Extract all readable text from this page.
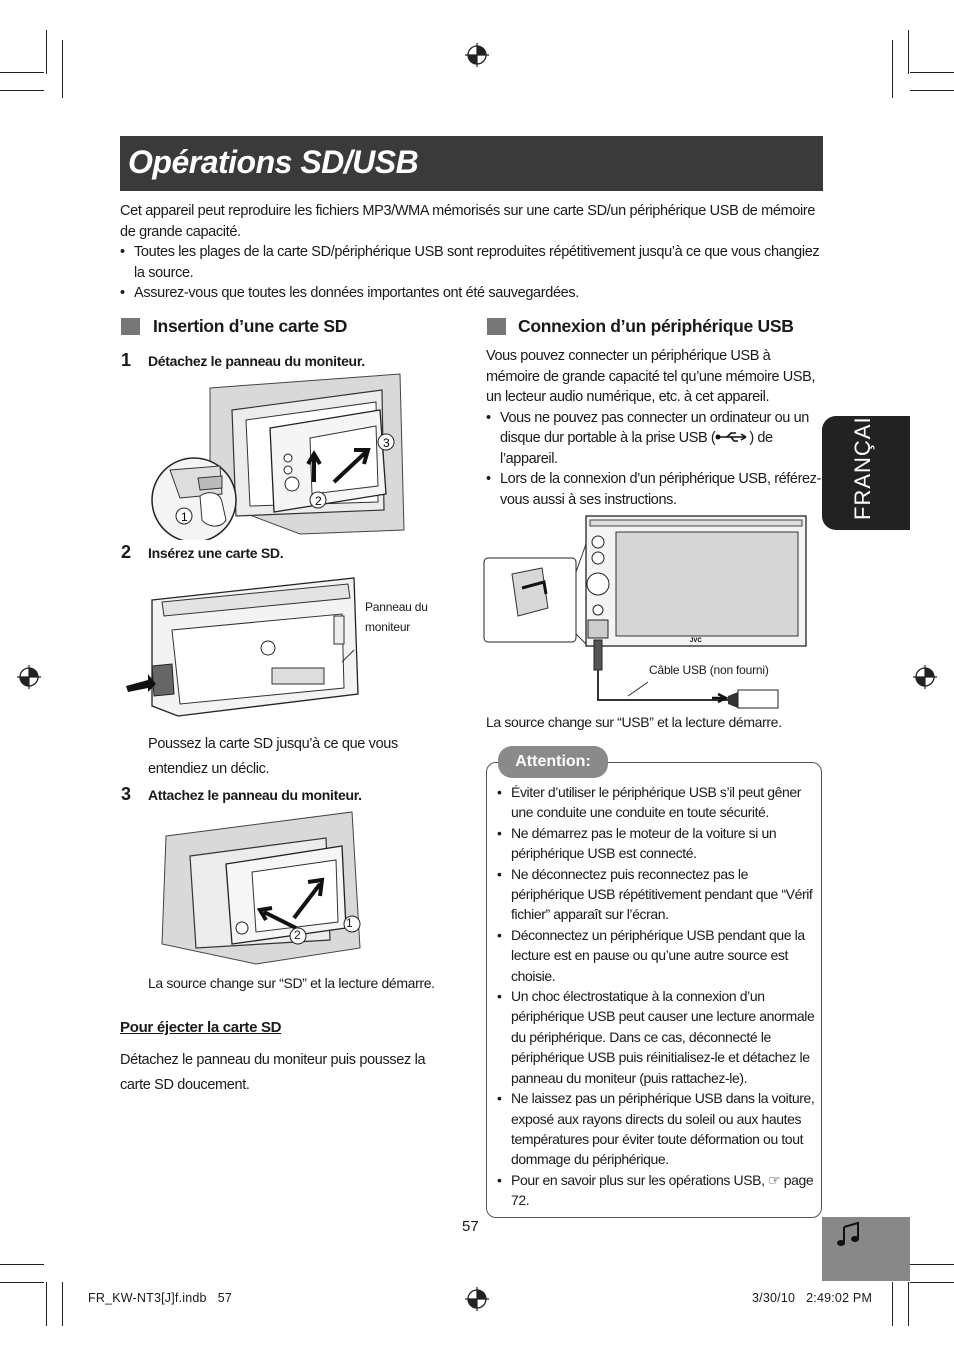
Opérations SD/USB

Cet appareil peut reproduire les fichiers MP3/WMA mémorisés sur une carte SD/un périphérique USB de mémoire de grande capacité.

• Toutes les plages de la carte SD/périphérique USB sont reproduites répétitivement jusqu’à ce que vous changiez la source.

• Assurez-vous que toutes les données importantes ont été sauvegardées.

Insertion d’une carte SD
1 Détachez le panneau du moniteur.
1
2
3
2 Insérez une carte SD.
Panneau du
moniteur
Poussez la carte SD jusqu’à ce que vous entendiez un déclic.
3 Attachez le panneau du moniteur.
1
2
La source change sur “SD” et la lecture démarre.
Pour éjecter la carte SD
Détachez le panneau du moniteur puis poussez la carte SD doucement.
Connexion d’un périphérique USB

Vous pouvez connecter un périphérique USB à mémoire de grande capacité tel qu’une mémoire USB, un lecteur audio numérique, etc. à cet appareil.

• Vous ne pouvez pas connecter un ordinateur ou un disque dur portable à la prise USB ( ) de l’appareil.

• Lors de la connexion d’un périphérique USB, référez-vous aussi à ses instructions.

JVC
Câble USB (non fourni)
La source change sur “USB” et la lecture démarre.
Attention:

• Éviter d’utiliser le périphérique USB s’il peut gêner une conduite une conduite en toute sécurité.

• Ne démarrez pas le moteur de la voiture si un périphérique USB est connecté.

• Ne déconnectez puis reconnectez pas le périphérique USB répétitivement pendant que “Vérif fichier” apparaît sur l’écran.

• Déconnectez un périphérique USB pendant que la lecture est en pause ou qu’une autre source est choisie.

• Un choc électrostatique à la connexion d’un périphérique USB peut causer une lecture anormale du périphérique. Dans ce cas, déconnecté le périphérique USB puis réinitialisez-le et détachez le panneau du moniteur (puis rattachez-le).

• Ne laissez pas un périphérique USB dans la voiture, exposé aux rayons directs du soleil ou aux hautes températures pour éviter toute déformation ou tout dommage du périphérique.

• Pour en savoir plus sur les opérations USB, ☞ page 72.

FRANÇAIS
57
FR_KW-NT3[J]f.indb   57	3/30/10   2:49:02 PM
